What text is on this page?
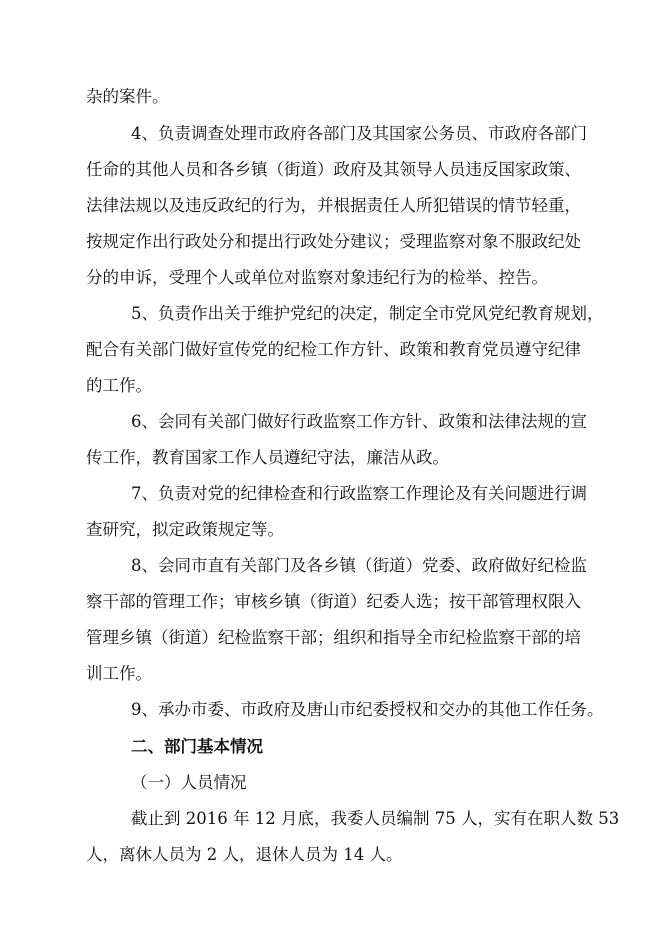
杂的案件。
4、负责调查处理市政府各部门及其国家公务员、市政府各部门
任命的其他人员和各乡镇（街道）政府及其领导人员违反国家政策、
法律法规以及违反政纪的行为，并根据责任人所犯错误的情节轻重，
按规定作出行政处分和提出行政处分建议；受理监察对象不服政纪处
分的申诉，受理个人或单位对监察对象违纪行为的检举、控告。
5、负责作出关于维护党纪的决定，制定全市党风党纪教育规划，
配合有关部门做好宣传党的纪检工作方针、政策和教育党员遵守纪律
的工作。
6、会同有关部门做好行政监察工作方针、政策和法律法规的宣
传工作，教育国家工作人员遵纪守法，廉洁从政。
7、负责对党的纪律检查和行政监察工作理论及有关问题进行调
查研究，拟定政策规定等。
8、会同市直有关部门及各乡镇（街道）党委、政府做好纪检监
察干部的管理工作；审核乡镇（街道）纪委人选；按干部管理权限入
管理乡镇（街道）纪检监察干部；组织和指导全市纪检监察干部的培
训工作。
9、承办市委、市政府及唐山市纪委授权和交办的其他工作任务。
二、部门基本情况
（一）人员情况
截止到 2016 年 12 月底，我委人员编制 75 人，实有在职人数 53
人，离休人员为 2 人，退休人员为 14 人。
